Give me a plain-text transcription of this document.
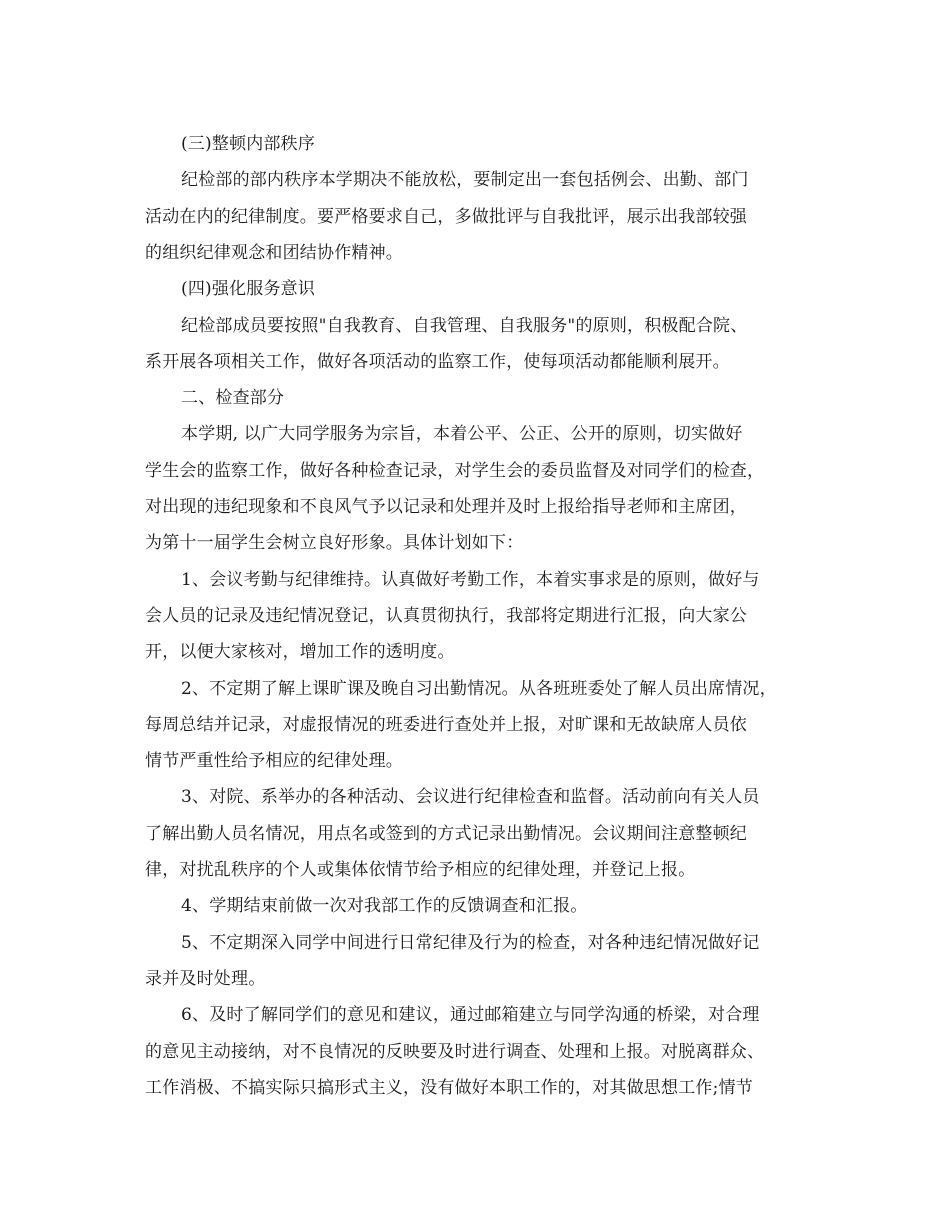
(三)整顿内部秩序
纪检部的部内秩序本学期决不能放松，要制定出一套包括例会、出勤、部门
活动在内的纪律制度。要严格要求自己，多做批评与自我批评，展示出我部较强
的组织纪律观念和团结协作精神。
(四)强化服务意识
纪检部成员要按照"自我教育、自我管理、自我服务"的原则，积极配合院、
系开展各项相关工作，做好各项活动的监察工作，使每项活动都能顺利展开。
二、检查部分
本学期, 以广大同学服务为宗旨，本着公平、公正、公开的原则，切实做好
学生会的监察工作，做好各种检查记录，对学生会的委员监督及对同学们的检查，
对出现的违纪现象和不良风气予以记录和处理并及时上报给指导老师和主席团，
为第十一届学生会树立良好形象。具体计划如下：
1、会议考勤与纪律维持。认真做好考勤工作，本着实事求是的原则，做好与
会人员的记录及违纪情况登记，认真贯彻执行，我部将定期进行汇报，向大家公
开，以便大家核对，增加工作的透明度。
2、不定期了解上课旷课及晚自习出勤情况。从各班班委处了解人员出席情况，
每周总结并记录，对虚报情况的班委进行查处并上报，对旷课和无故缺席人员依
情节严重性给予相应的纪律处理。
3、对院、系举办的各种活动、会议进行纪律检查和监督。活动前向有关人员
了解出勤人员名情况，用点名或签到的方式记录出勤情况。会议期间注意整顿纪
律，对扰乱秩序的个人或集体依情节给予相应的纪律处理，并登记上报。
4、学期结束前做一次对我部工作的反馈调查和汇报。
5、不定期深入同学中间进行日常纪律及行为的检查，对各种违纪情况做好记
录并及时处理。
6、及时了解同学们的意见和建议，通过邮箱建立与同学沟通的桥梁，对合理
的意见主动接纳，对不良情况的反映要及时进行调查、处理和上报。对脱离群众、
工作消极、不搞实际只搞形式主义，没有做好本职工作的，对其做思想工作;情节
